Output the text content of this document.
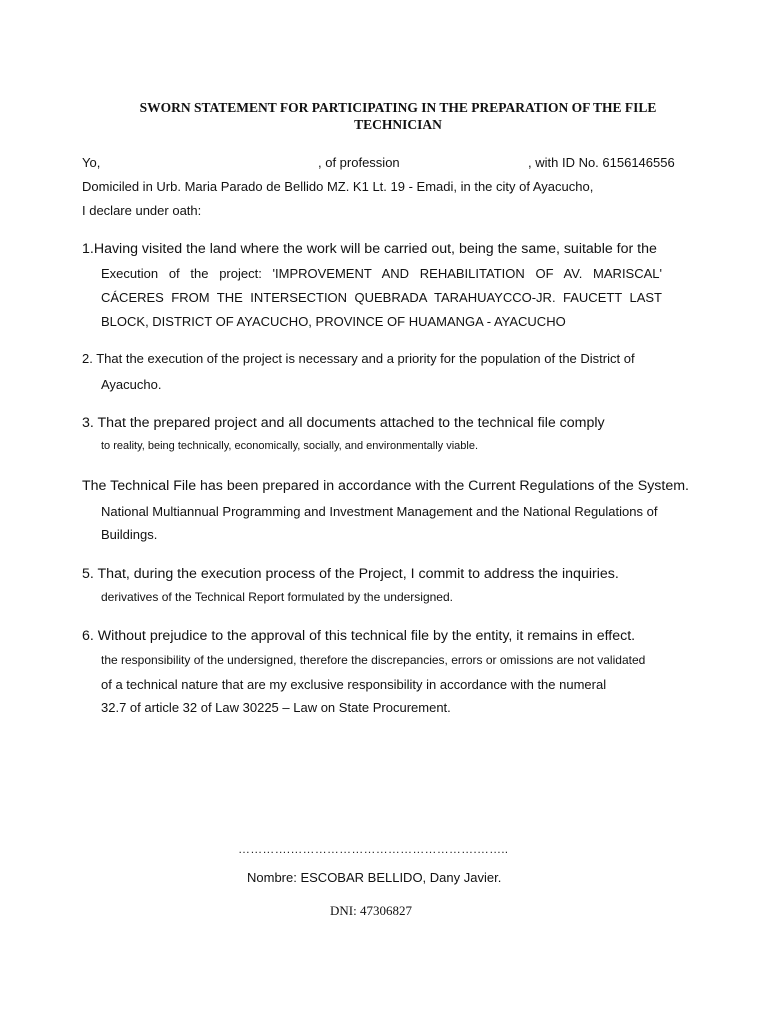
SWORN STATEMENT FOR PARTICIPATING IN THE PREPARATION OF THE FILE
TECHNICIAN
Yo,	, of profession	, with ID No. 6156146556
Domiciled in Urb. Maria Parado de Bellido MZ. K1 Lt. 19 - Emadi, in the city of Ayacucho,
I declare under oath:
1.Having visited the land where the work will be carried out, being the same, suitable for the
Execution of the project: 'IMPROVEMENT AND REHABILITATION OF AV. MARISCAL'
CÁCERES FROM THE INTERSECTION QUEBRADA TARAHUAYCCO-JR. FAUCETT LAST
BLOCK, DISTRICT OF AYACUCHO, PROVINCE OF HUAMANGA - AYACUCHO
2. That the execution of the project is necessary and a priority for the population of the District of
Ayacucho.
3. That the prepared project and all documents attached to the technical file comply
to reality, being technically, economically, socially, and environmentally viable.
The Technical File has been prepared in accordance with the Current Regulations of the System.
National Multiannual Programming and Investment Management and the National Regulations of
Buildings.
5. That, during the execution process of the Project, I commit to address the inquiries.
derivatives of the Technical Report formulated by the undersigned.
6. Without prejudice to the approval of this technical file by the entity, it remains in effect.
the responsibility of the undersigned, therefore the discrepancies, errors or omissions are not validated
of a technical nature that are my exclusive responsibility in accordance with the numeral
32.7 of article 32 of Law 30225 – Law on State Procurement.
………….……………………………………….……..
Nombre: ESCOBAR BELLIDO, Dany Javier.
DNI: 47306827
